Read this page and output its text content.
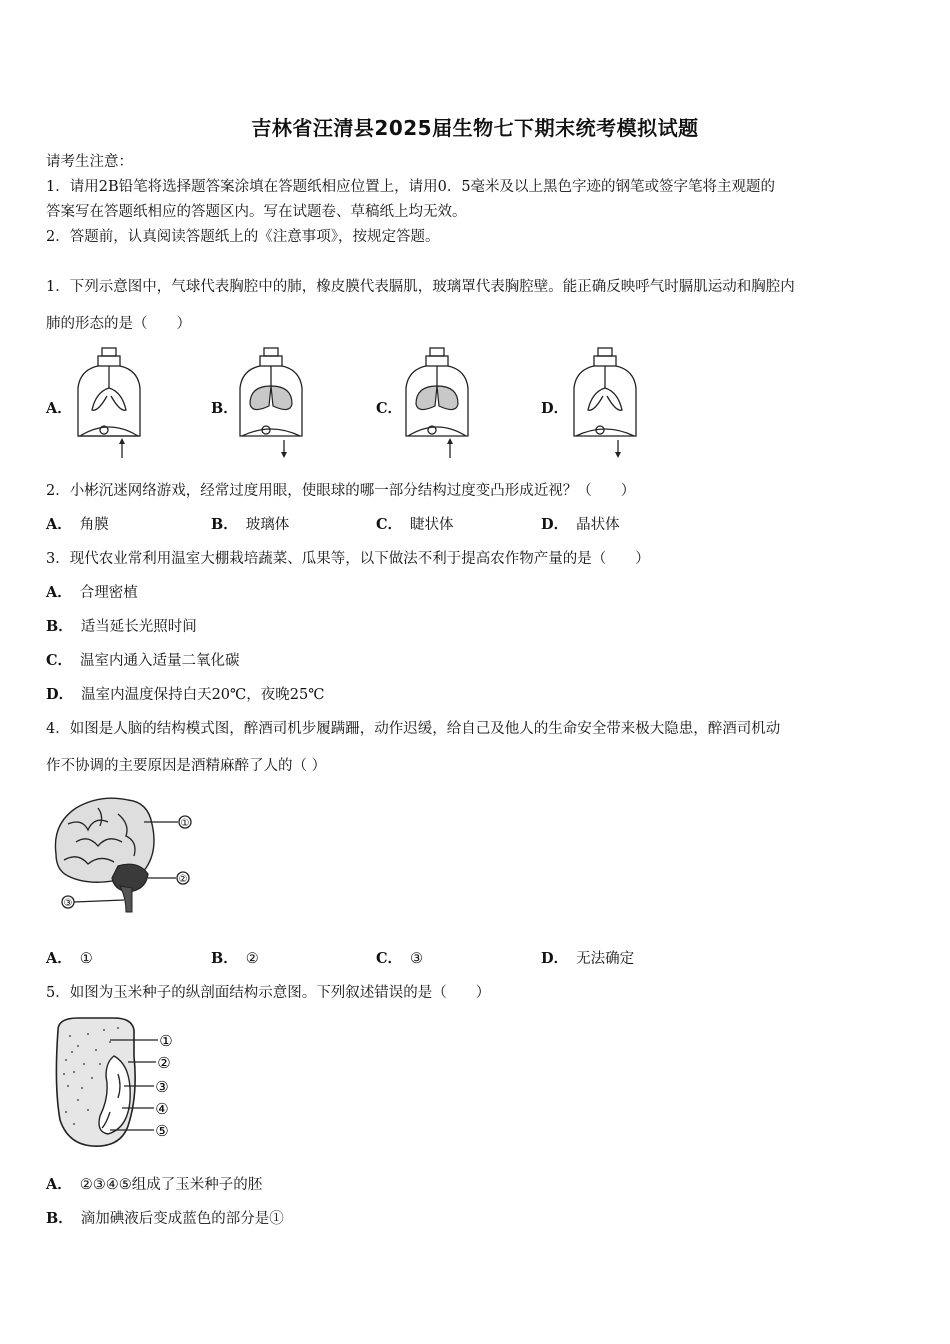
吉林省汪清县2025届生物七下期末统考模拟试题
请考生注意：
1．请用2B铅笔将选择题答案涂填在答题纸相应位置上，请用0．5毫米及以上黑色字迹的钢笔或签字笔将主观题的
答案写在答题纸相应的答题区内。写在试题卷、草稿纸上均无效。
2．答题前，认真阅读答题纸上的《注意事项》，按规定答题。
1．下列示意图中，气球代表胸腔中的肺，橡皮膜代表膈肌，玻璃罩代表胸腔壁。能正确反映呼气时膈肌运动和胸腔内
肺的形态的是（　　）
A．	B．	C．	D．
2．小彬沉迷网络游戏，经常过度用眼，使眼球的哪一部分结构过度变凸形成近视？（　　）
A． 角膜	B． 玻璃体	C． 睫状体	D． 晶状体
3．现代农业常利用温室大棚栽培蔬菜、瓜果等，以下做法不利于提高农作物产量的是（　　）
A． 合理密植
B． 适当延长光照时间
C． 温室内通入适量二氧化碳
D． 温室内温度保持白天20℃，夜晚25℃
4．如图是人脑的结构模式图，醉酒司机步履蹒跚，动作迟缓，给自己及他人的生命安全带来极大隐患，醉酒司机动
作不协调的主要原因是酒精麻醉了人的（ ）
①
②
③
A． ①	B． ②	C． ③	D． 无法确定
5．如图为玉米种子的纵剖面结构示意图。下列叙述错误的是（　　）
①
②
③
④
⑤
A． ②③④⑤组成了玉米种子的胚
B． 滴加碘液后变成蓝色的部分是①
